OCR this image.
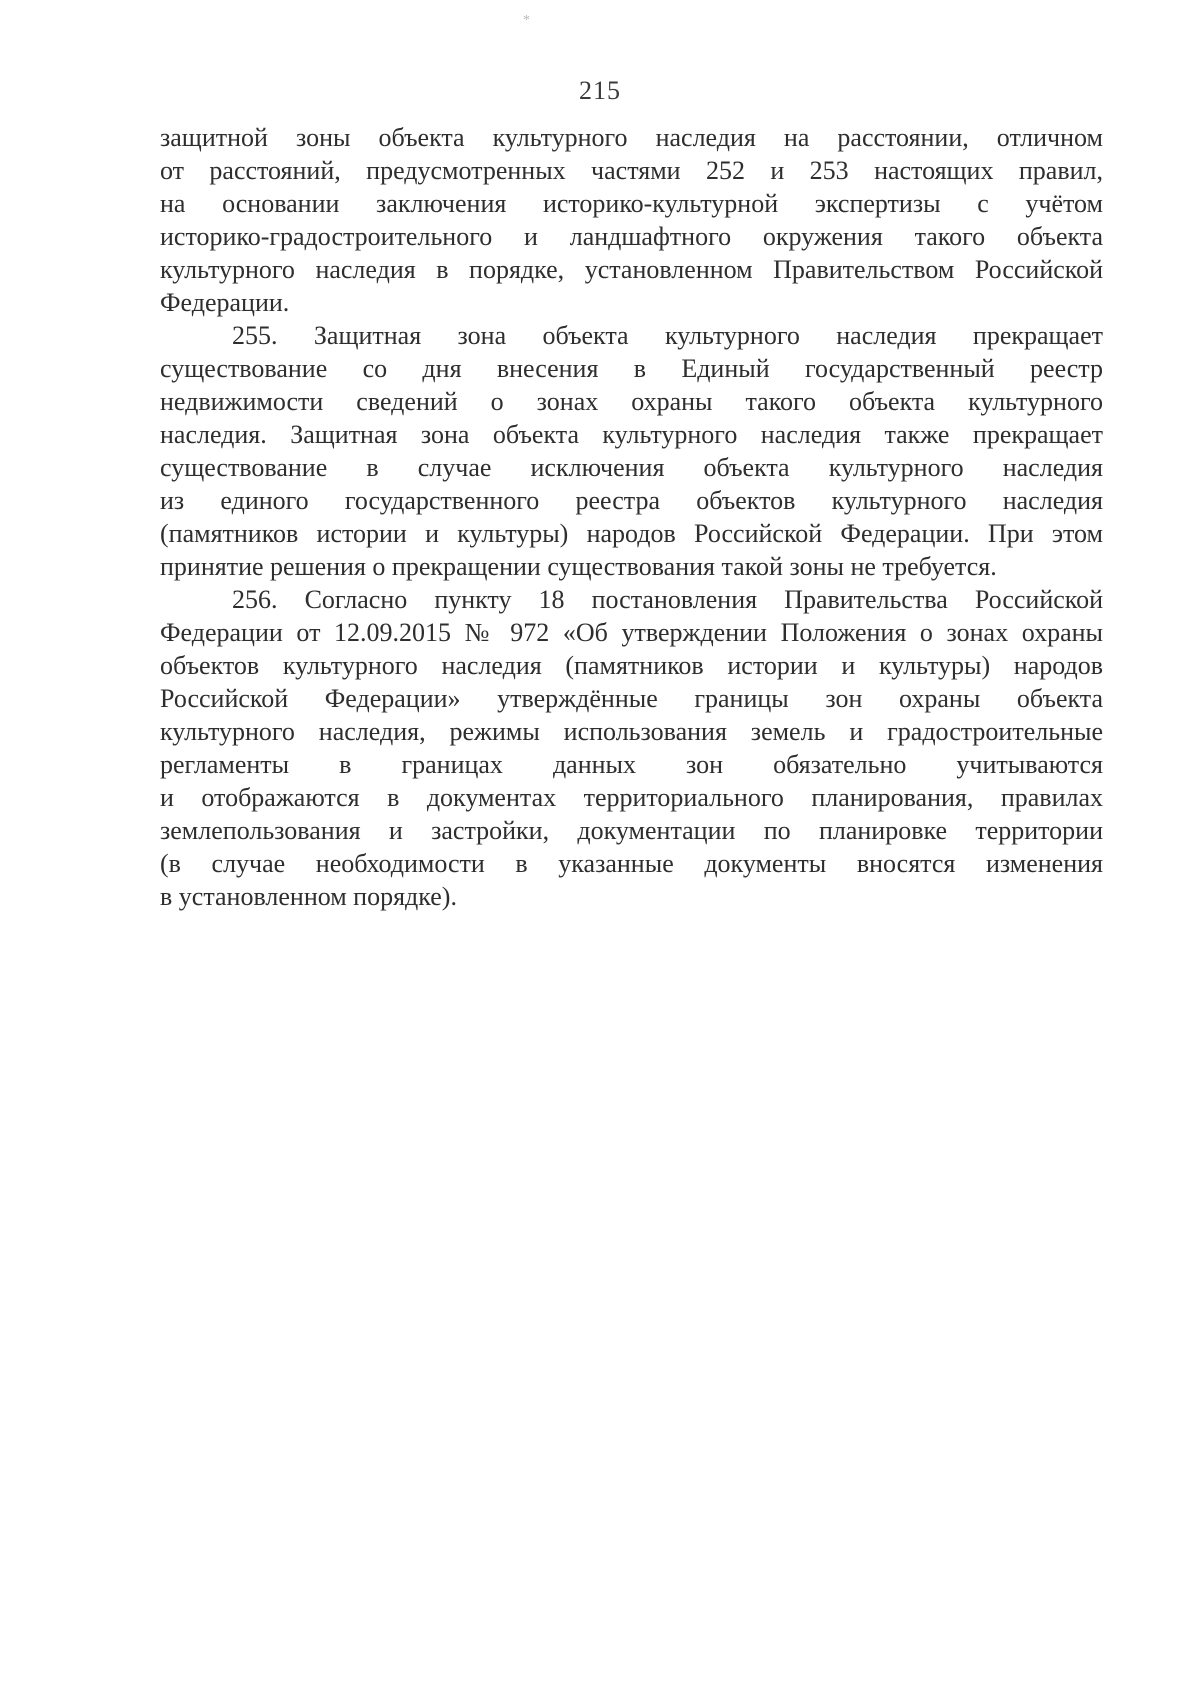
*
215
защитной зоны объекта культурного наследия на расстоянии, отличном
от расстояний, предусмотренных частями 252 и 253 настоящих правил,
на основании заключения историко-культурной экспертизы с учётом
историко-градостроительного и ландшафтного окружения такого объекта
культурного наследия в порядке, установленном Правительством Российской
Федерации.
255. Защитная зона объекта культурного наследия прекращает
существование со дня внесения в Единый государственный реестр
недвижимости сведений о зонах охраны такого объекта культурного
наследия. Защитная зона объекта культурного наследия также прекращает
существование в случае исключения объекта культурного наследия
из единого государственного реестра объектов культурного наследия
(памятников истории и культуры) народов Российской Федерации. При этом
принятие решения о прекращении существования такой зоны не требуется.
256. Согласно пункту 18 постановления Правительства Российской
Федерации от 12.09.2015 № 972 «Об утверждении Положения о зонах охраны
объектов культурного наследия (памятников истории и культуры) народов
Российской Федерации» утверждённые границы зон охраны объекта
культурного наследия, режимы использования земель и градостроительные
регламенты в границах данных зон обязательно учитываются
и отображаются в документах территориального планирования, правилах
землепользования и застройки, документации по планировке территории
(в случае необходимости в указанные документы вносятся изменения
в установленном порядке).
